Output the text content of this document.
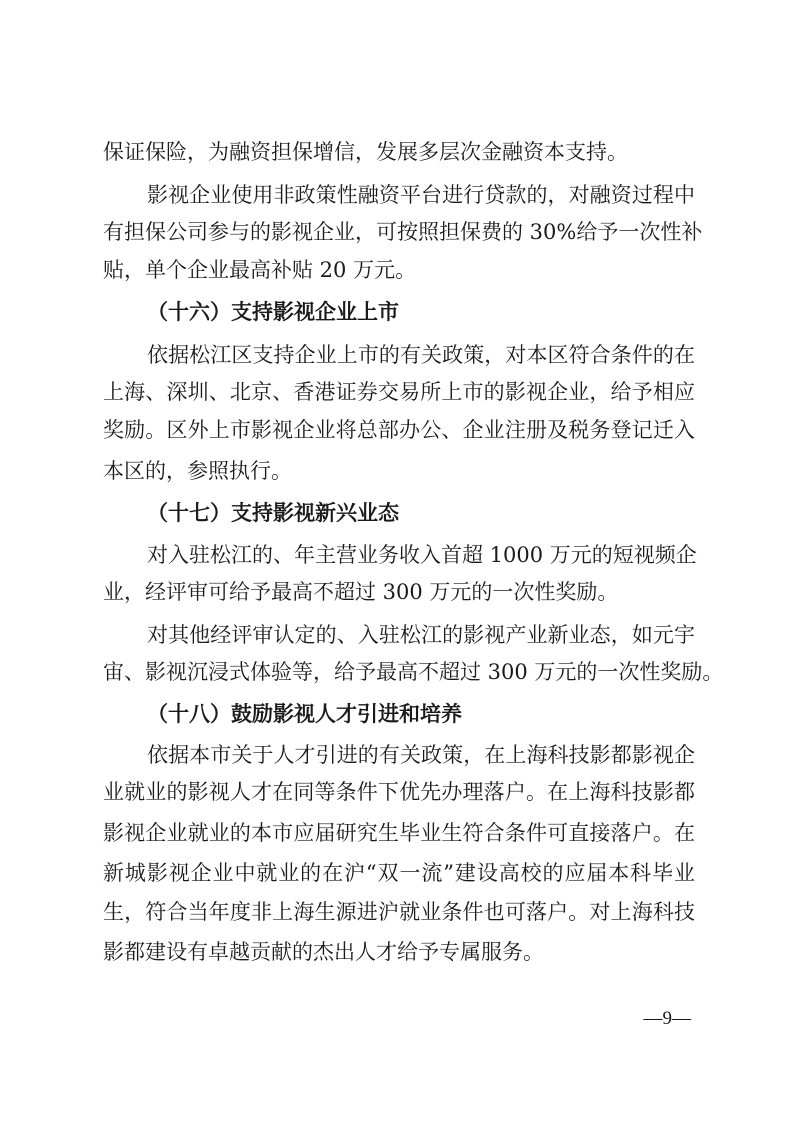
保证保险，为融资担保增信，发展多层次金融资本支持。
影视企业使用非政策性融资平台进行贷款的，对融资过程中
有担保公司参与的影视企业，可按照担保费的 30%给予一次性补
贴，单个企业最高补贴 20 万元。
（十六）支持影视企业上市
依据松江区支持企业上市的有关政策，对本区符合条件的在
上海、深圳、北京、香港证券交易所上市的影视企业，给予相应
奖励。区外上市影视企业将总部办公、企业注册及税务登记迁入
本区的，参照执行。
（十七）支持影视新兴业态
对入驻松江的、年主营业务收入首超 1000 万元的短视频企
业，经评审可给予最高不超过 300 万元的一次性奖励。
对其他经评审认定的、入驻松江的影视产业新业态，如元宇
宙、影视沉浸式体验等，给予最高不超过 300 万元的一次性奖励。
（十八）鼓励影视人才引进和培养
依据本市关于人才引进的有关政策，在上海科技影都影视企
业就业的影视人才在同等条件下优先办理落户。在上海科技影都
影视企业就业的本市应届研究生毕业生符合条件可直接落户。在
新城影视企业中就业的在沪“双一流”建设高校的应届本科毕业
生，符合当年度非上海生源进沪就业条件也可落户。对上海科技
影都建设有卓越贡献的杰出人才给予专属服务。
—9—
